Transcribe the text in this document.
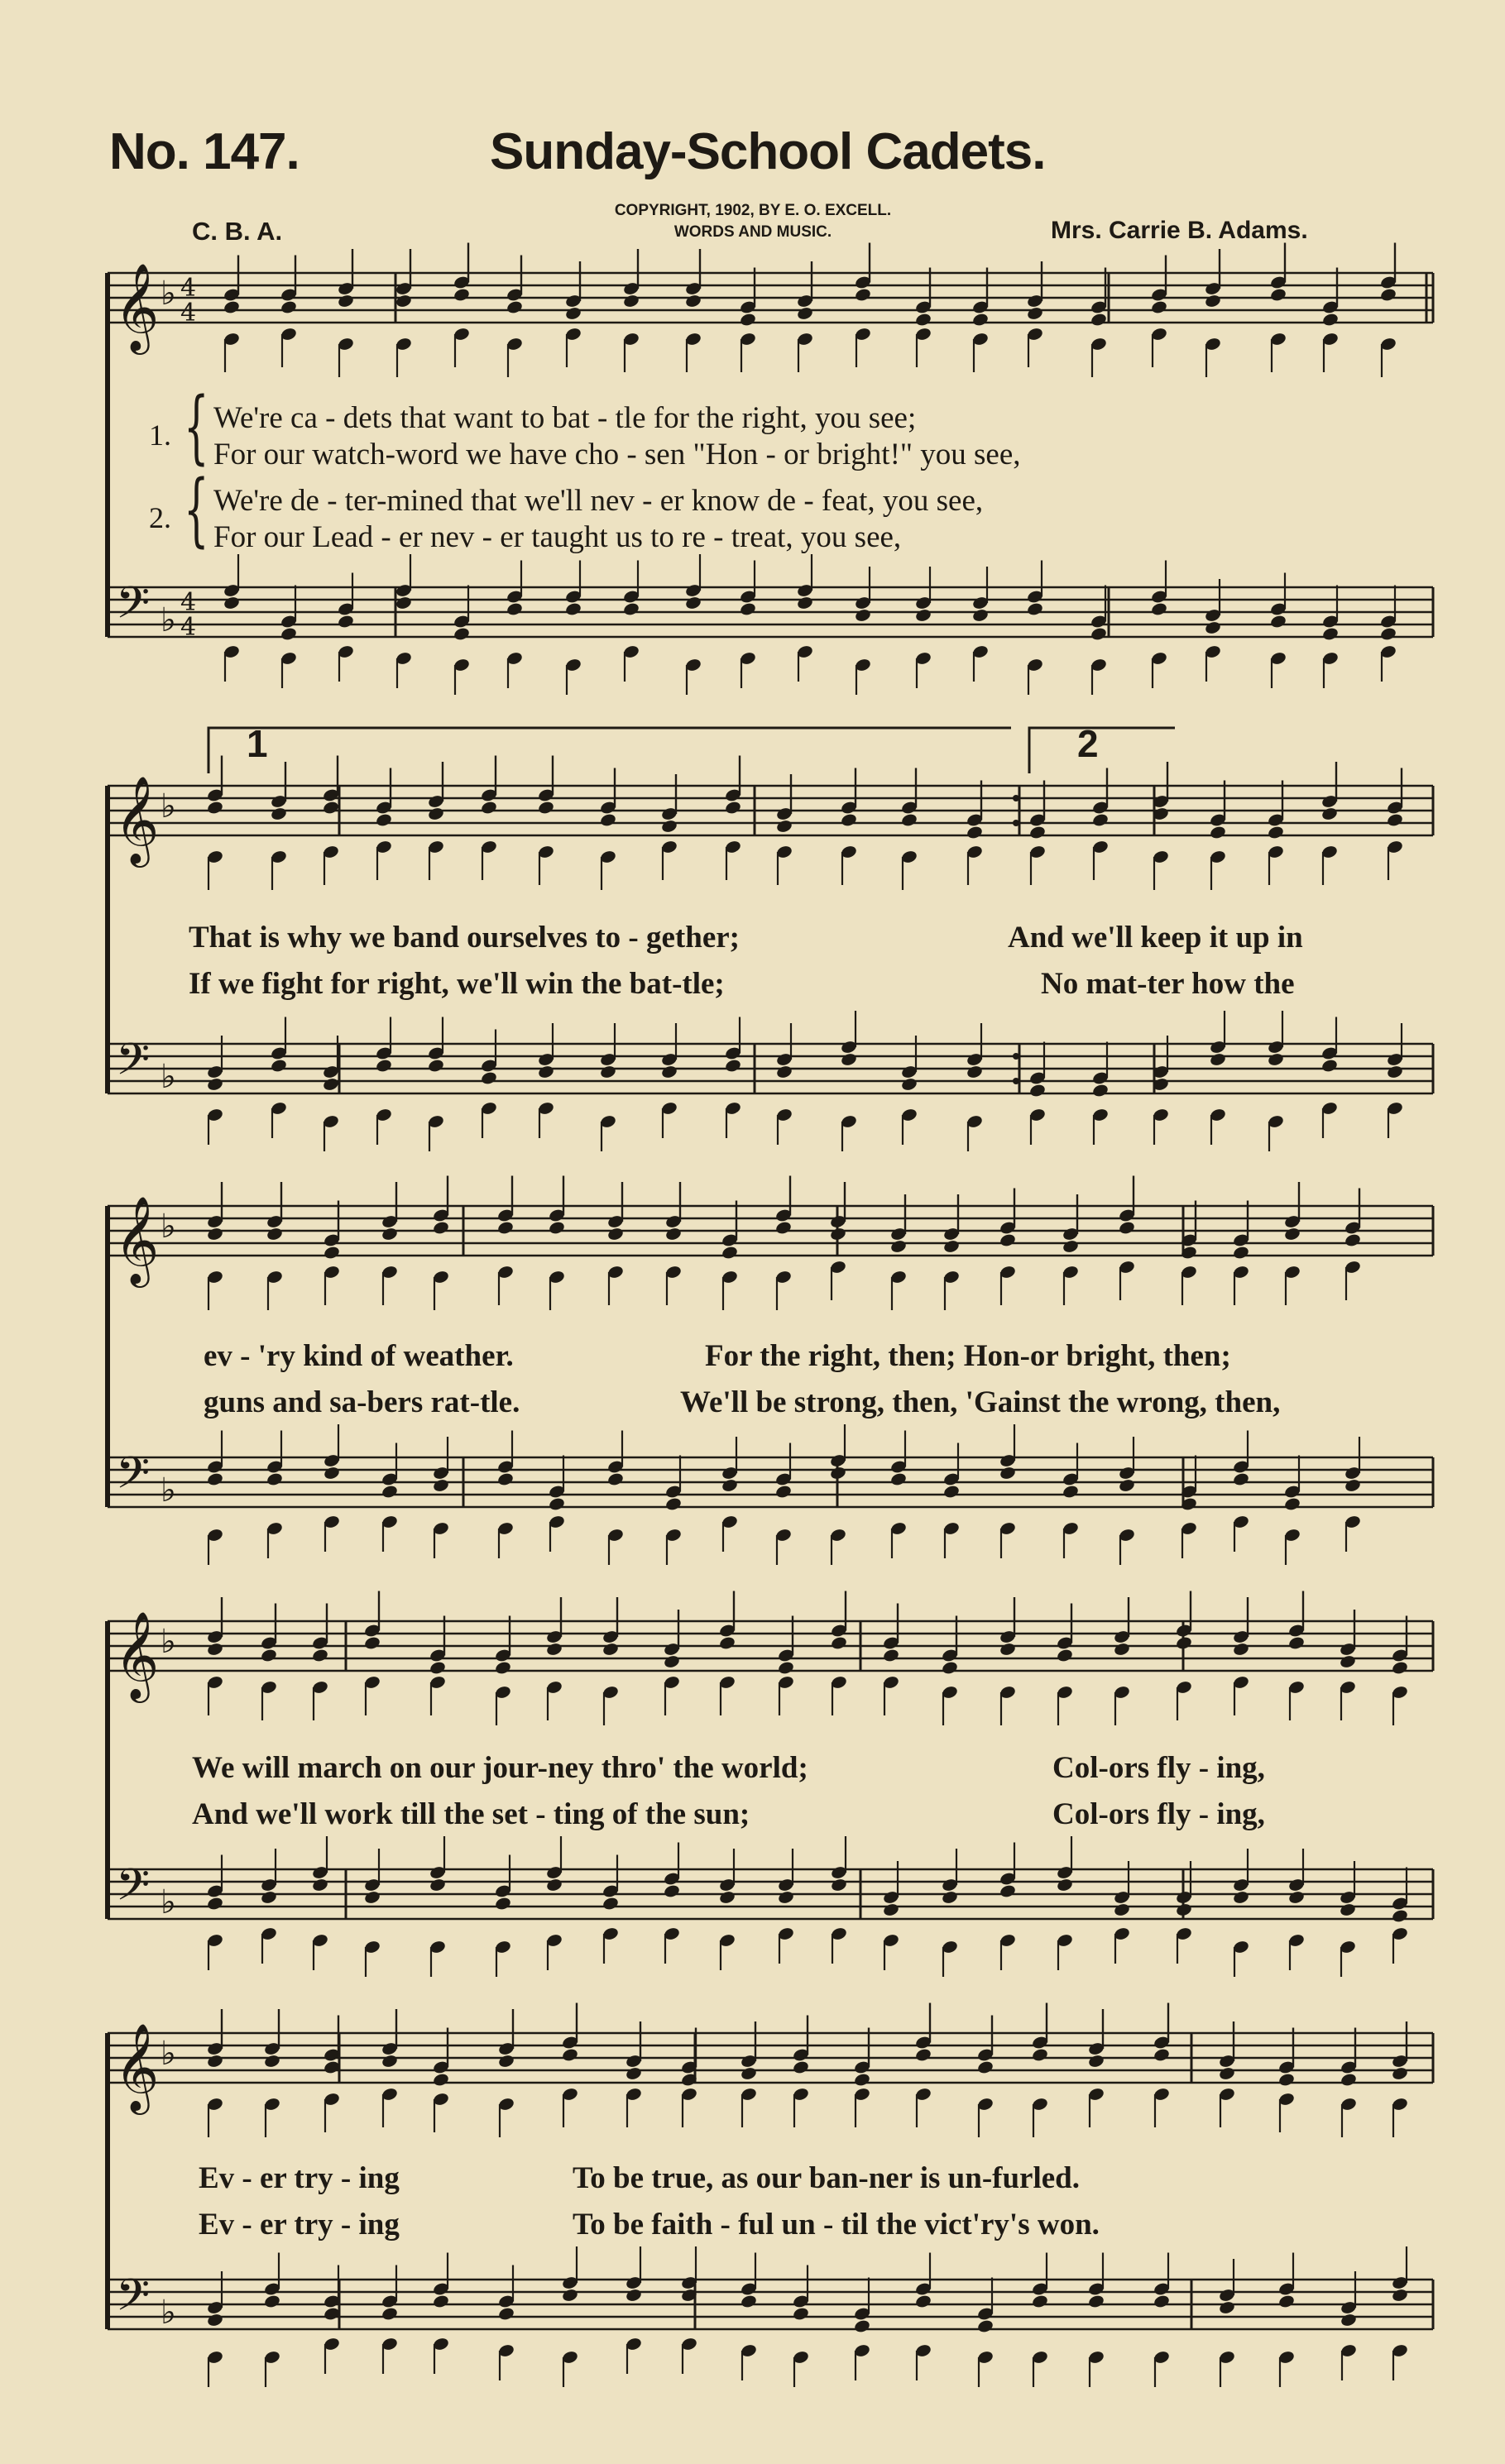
No. 147.	Sunday-School Cadets.
C. B. A.
COPYRIGHT, 1902, BY E. O. EXCELL.
WORDS AND MUSIC.	Mrs. Carrie B. Adams.
𝄞
𝄢
♭
♭
4
4
4
4
𝄞
𝄢
♭
♭
𝄞
𝄢
♭
♭
𝄞
𝄢
♭
♭
𝄞
𝄢
♭
♭
1. { We're ca - dets that want to bat - tle for the right, you see;
For our watch-word we have cho - sen "Hon - or bright!" you see,
2. { We're de - ter-mined that we'll nev - er know de - feat, you see,
For our Lead - er nev - er taught us to re - treat, you see,
That is why we band ourselves to - gether;	And we'll keep it up in
If we fight for right, we'll win the bat-tle;	No mat-ter how the
ev - 'ry kind of weather.	For the right, then; Hon-or bright, then;
guns and sa-bers rat-tle.	We'll be strong, then, 'Gainst the wrong, then,
We will march on our jour-ney thro' the world;	Col-ors fly - ing,
And we'll work till the set - ting of the sun;	Col-ors fly - ing,
Ev - er try - ing	To be true, as our ban-ner is un-furled.
Ev - er try - ing	To be faith - ful un - til the vict'ry's won.
1	2
